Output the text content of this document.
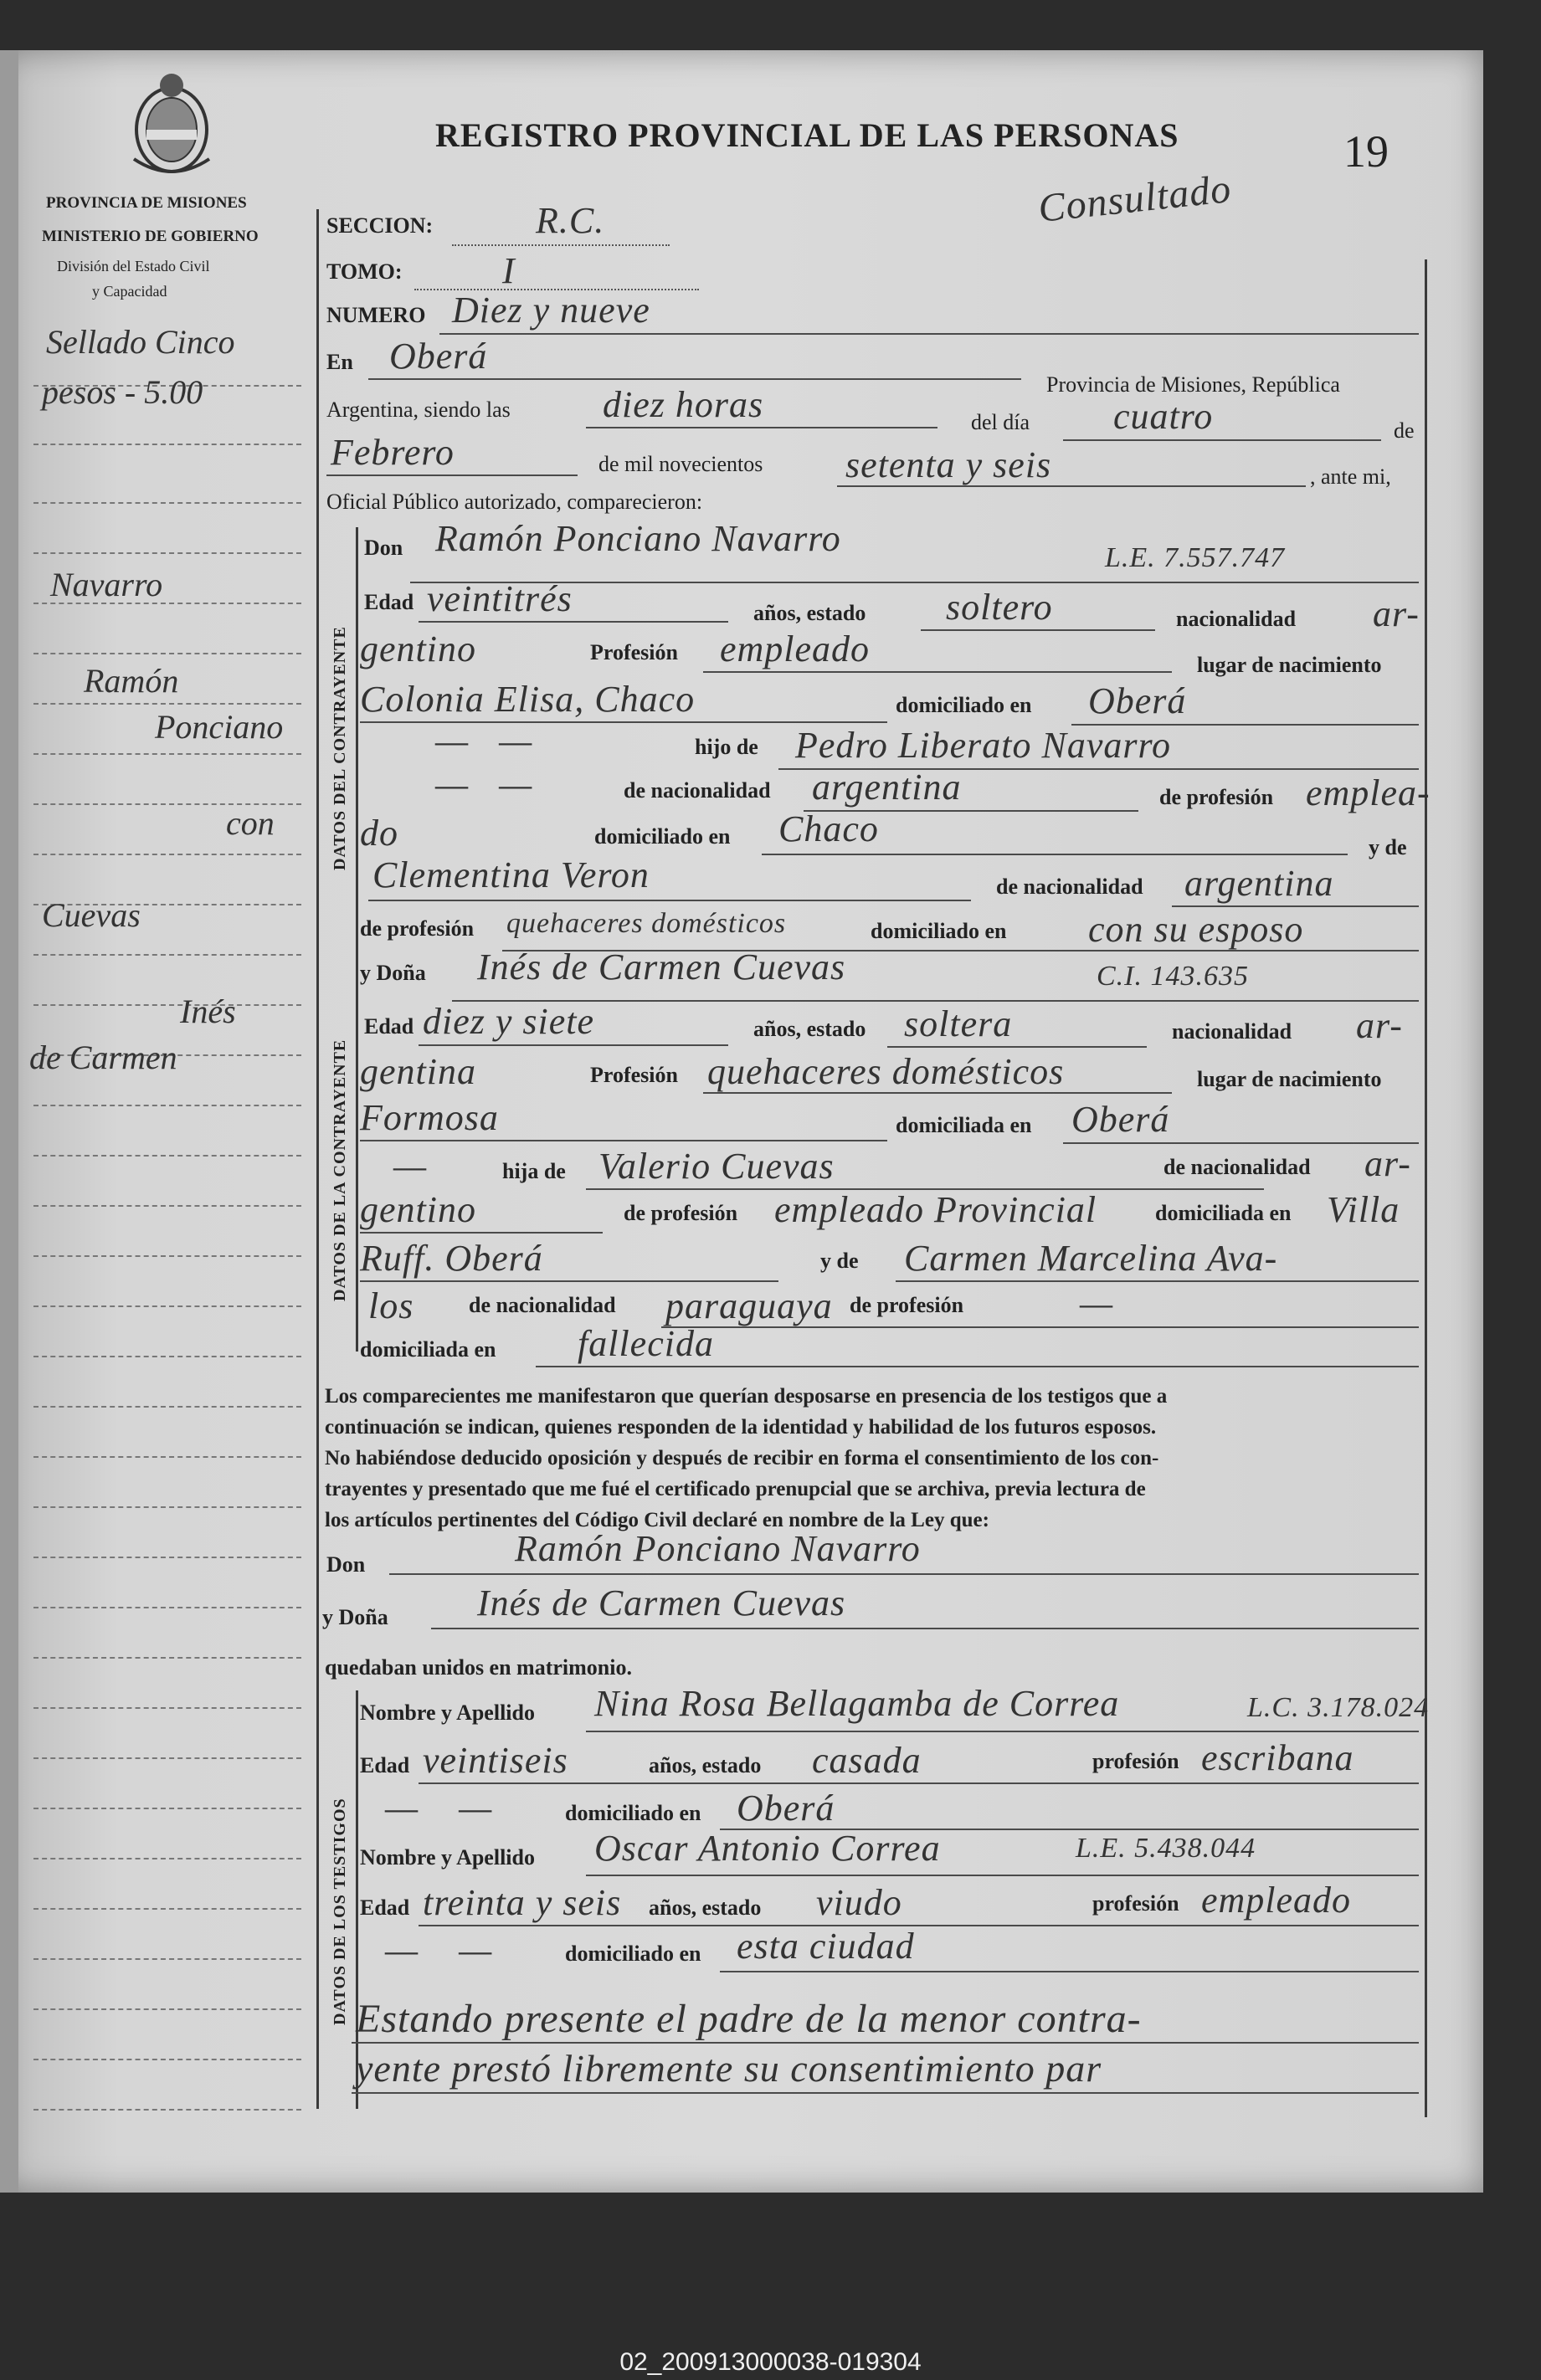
PROVINCIA DE MISIONES
MINISTERIO DE GOBIERNO
División del Estado Civil
y Capacidad
REGISTRO PROVINCIAL DE LAS PERSONAS	19
Consultado
Sellado Cinco
pesos - 5.00
Navarro
Ramón
Ponciano
con
Cuevas
Inés
de Carmen
SECCION:	R.C.
TOMO:	I
NUMERO Diez y nueve
En Oberá
Provincia de Misiones, República
Argentina, siendo las	diez horas	del día cuatro	de
Febrero	de mil novecientos setenta y seis	, ante mi,
Oficial Público autorizado, comparecieron:
DATOS DEL CONTRAYENTE
Don Ramón Ponciano Navarro	L.E. 7.557.747
Edad veintitrés	años, estado soltero	nacionalidad ar-
gentino	Profesión empleado	lugar de nacimiento
Colonia Elisa, Chaco	domiciliado en Oberá
—   —	hijo de Pedro Liberato Navarro
—   —	de nacionalidad argentina	de profesión emplea-
do	domiciliado en Chaco	y de
Clementina Veron	de nacionalidad argentina
de profesión quehaceres domésticos	domiciliado en con su esposo
y Doña Inés de Carmen Cuevas	C.I. 143.635
DATOS DE LA CONTRAYENTE
Edad diez y siete	años, estado soltera	nacionalidad ar-
gentina	Profesión quehaceres domésticos	lugar de nacimiento
Formosa	domiciliada en Oberá
—	hija de Valerio Cuevas	de nacionalidad ar-
gentino	de profesión empleado Provincial	domiciliada en Villa
Ruff. Oberá	y de Carmen Marcelina Ava-
los	de nacionalidad paraguaya de profesión	—
domiciliada en fallecida
Los comparecientes me manifestaron que querían desposarse en presencia de los testigos que a
continuación se indican, quienes responden de la identidad y habilidad de los futuros esposos.
No habiéndose deducido oposición y después de recibir en forma el consentimiento de los con-
trayentes y presentado que me fué el certificado prenupcial que se archiva, previa lectura de
los artículos pertinentes del Código Civil declaré en nombre de la Ley que:
Don	Ramón Ponciano Navarro
y Doña Inés de Carmen Cuevas
quedaban unidos en matrimonio.
DATOS DE LOS TESTIGOS
Nombre y Apellido Nina Rosa Bellagamba de Correa	L.C. 3.178.024
Edad veintiseis	años, estado casada	profesión escribana
—    —	domiciliado en Oberá
Nombre y Apellido Oscar Antonio Correa	L.E. 5.438.044
Edad treinta y seis años, estado viudo	profesión empleado
—    —	domiciliado en esta ciudad
Estando presente el padre de la menor contra-
yente prestó libremente su consentimiento par
02_200913000038-019304
